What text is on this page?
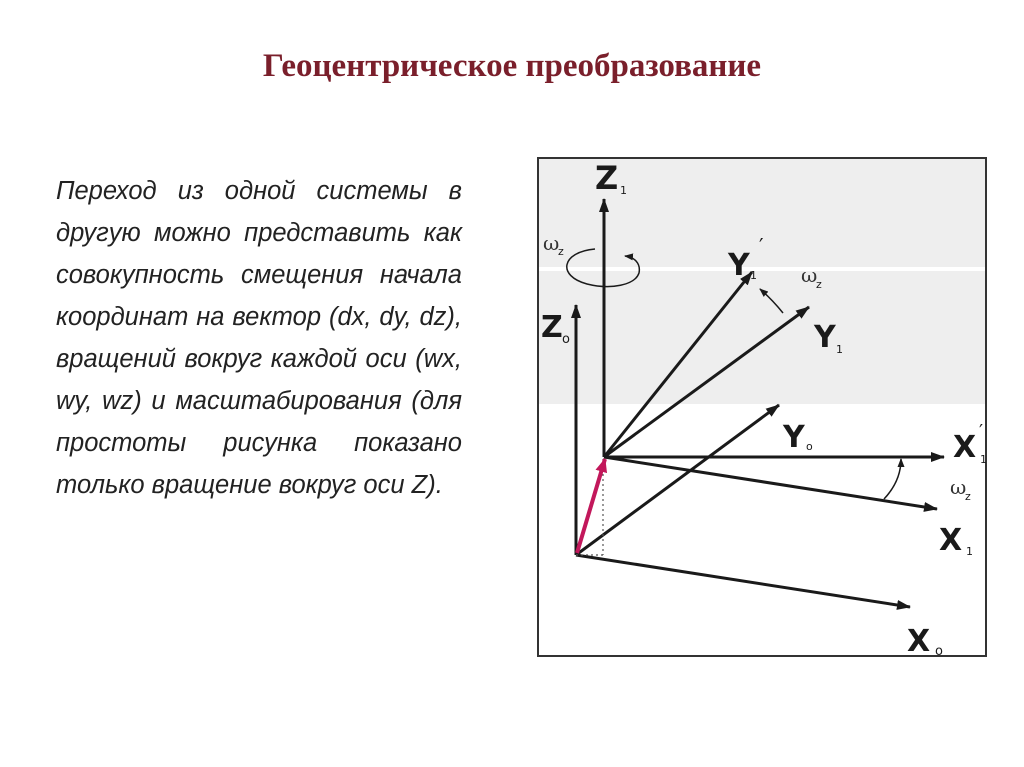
Геоцентрическое преобразование

Переход из одной системы в другую можно представить как совокупность смещения начала координат на вектор (dx, dy, dz), вращений вокруг каждой оси (wx, wy, wz) и масштабирования (для простоты рисунка показано только вращение вокруг оси Z).

Z 1
Z o
Y 1
′
Y 1
Y o	X 1
′
X 1
X o
ω
z
ω
z
ω
z
